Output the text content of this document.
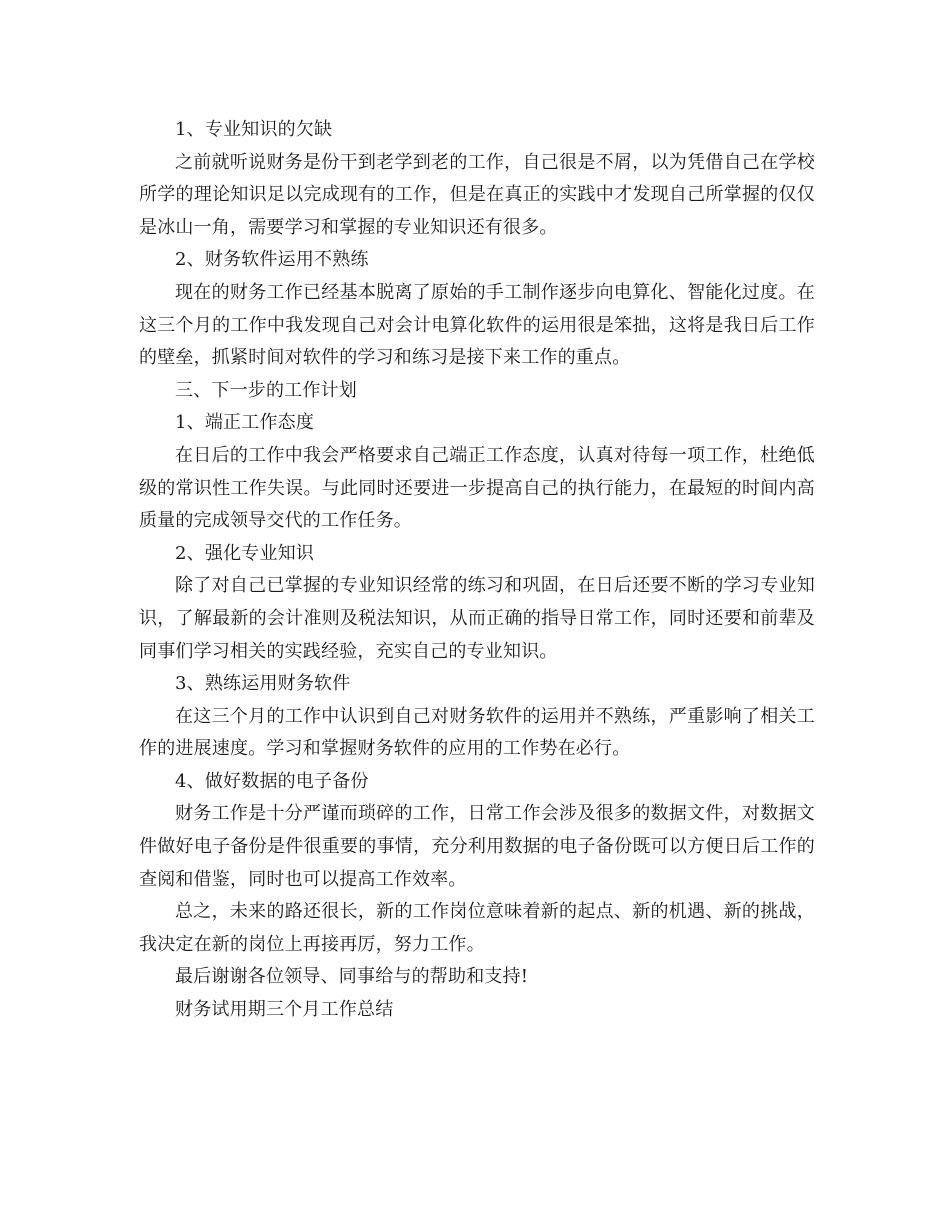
1、专业知识的欠缺

之前就听说财务是份干到老学到老的工作，自己很是不屑，以为凭借自己在学校所学的理论知识足以完成现有的工作，但是在真正的实践中才发现自己所掌握的仅仅是冰山一角，需要学习和掌握的专业知识还有很多。

2、财务软件运用不熟练

现在的财务工作已经基本脱离了原始的手工制作逐步向电算化、智能化过度。在这三个月的工作中我发现自己对会计电算化软件的运用很是笨拙，这将是我日后工作的壁垒，抓紧时间对软件的学习和练习是接下来工作的重点。

三、下一步的工作计划

1、端正工作态度

在日后的工作中我会严格要求自己端正工作态度，认真对待每一项工作，杜绝低级的常识性工作失误。与此同时还要进一步提高自己的执行能力，在最短的时间内高质量的完成领导交代的工作任务。

2、强化专业知识

除了对自己已掌握的专业知识经常的练习和巩固，在日后还要不断的学习专业知识，了解最新的会计准则及税法知识，从而正确的指导日常工作，同时还要和前辈及同事们学习相关的实践经验，充实自己的专业知识。

3、熟练运用财务软件

在这三个月的工作中认识到自己对财务软件的运用并不熟练，严重影响了相关工作的进展速度。学习和掌握财务软件的应用的工作势在必行。

4、做好数据的电子备份

财务工作是十分严谨而琐碎的工作，日常工作会涉及很多的数据文件，对数据文件做好电子备份是件很重要的事情，充分利用数据的电子备份既可以方便日后工作的查阅和借鉴，同时也可以提高工作效率。

总之，未来的路还很长，新的工作岗位意味着新的起点、新的机遇、新的挑战，我决定在新的岗位上再接再厉，努力工作。

最后谢谢各位领导、同事给与的帮助和支持!

财务试用期三个月工作总结
